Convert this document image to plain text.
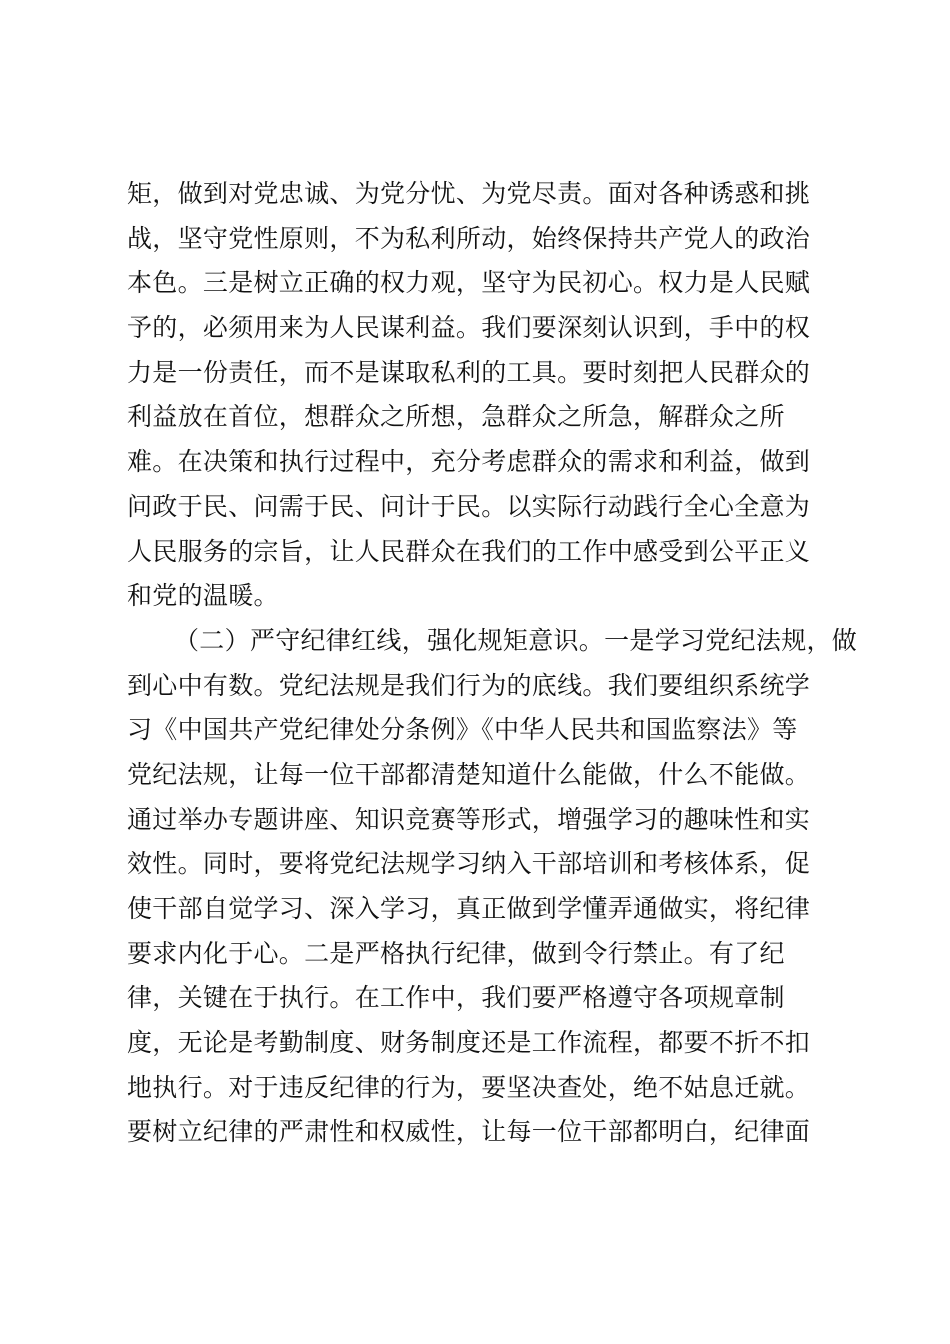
矩，做到对党忠诚、为党分忧、为党尽责。面对各种诱惑和挑
战，坚守党性原则，不为私利所动，始终保持共产党人的政治
本色。三是树立正确的权力观，坚守为民初心。权力是人民赋
予的，必须用来为人民谋利益。我们要深刻认识到，手中的权
力是一份责任，而不是谋取私利的工具。要时刻把人民群众的
利益放在首位，想群众之所想，急群众之所急，解群众之所
难。在决策和执行过程中，充分考虑群众的需求和利益，做到
问政于民、问需于民、问计于民。以实际行动践行全心全意为
人民服务的宗旨，让人民群众在我们的工作中感受到公平正义
和党的温暖。
（二）严守纪律红线，强化规矩意识。一是学习党纪法规，做
到心中有数。党纪法规是我们行为的底线。我们要组织系统学
习《中国共产党纪律处分条例》《中华人民共和国监察法》等
党纪法规，让每一位干部都清楚知道什么能做，什么不能做。
通过举办专题讲座、知识竞赛等形式，增强学习的趣味性和实
效性。同时，要将党纪法规学习纳入干部培训和考核体系，促
使干部自觉学习、深入学习，真正做到学懂弄通做实，将纪律
要求内化于心。二是严格执行纪律，做到令行禁止。有了纪
律，关键在于执行。在工作中，我们要严格遵守各项规章制
度，无论是考勤制度、财务制度还是工作流程，都要不折不扣
地执行。对于违反纪律的行为，要坚决查处，绝不姑息迁就。
要树立纪律的严肃性和权威性，让每一位干部都明白，纪律面
